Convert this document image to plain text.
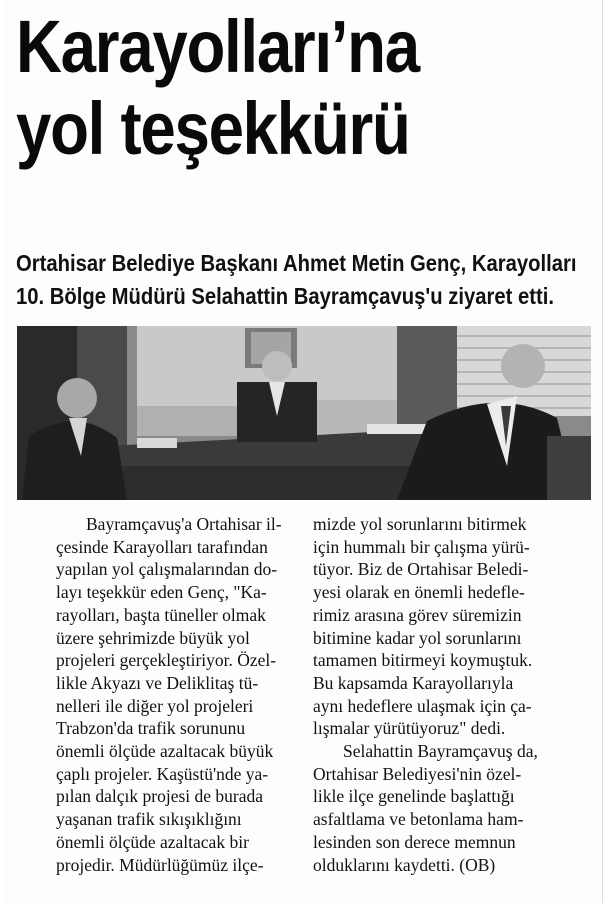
Karayolları’na
yol teşekkürü
Ortahisar Belediye Başkanı Ahmet Metin Genç, Karayolları
10. Bölge Müdürü Selahattin Bayramçavuş'u ziyaret etti.
Bayramçavuş'a Ortahisar il-
çesinde Karayolları tarafından
yapılan yol çalışmalarından do-
layı teşekkür eden Genç, "Ka-
rayolları, başta tüneller olmak
üzere şehrimizde büyük yol
projeleri gerçekleştiriyor. Özel-
likle Akyazı ve Deliklitaş tü-
nelleri ile diğer yol projeleri
Trabzon'da trafik sorununu
önemli ölçüde azaltacak büyük
çaplı projeler. Kaşüstü'nde ya-
pılan dalçık projesi de burada
yaşanan trafik sıkışıklığını
önemli ölçüde azaltacak bir
projedir. Müdürlüğümüz ilçe-
mizde yol sorunlarını bitirmek
için hummalı bir çalışma yürü-
tüyor. Biz de Ortahisar Beledi-
yesi olarak en önemli hedefle-
rimiz arasına görev süremizin
bitimine kadar yol sorunlarını
tamamen bitirmeyi koymuştuk.
Bu kapsamda Karayollarıyla
aynı hedeflere ulaşmak için ça-
lışmalar yürütüyoruz" dedi.
Selahattin Bayramçavuş da,
Ortahisar Belediyesi'nin özel-
likle ilçe genelinde başlattığı
asfaltlama ve betonlama ham-
lesinden son derece memnun
olduklarını kaydetti. (OB)
